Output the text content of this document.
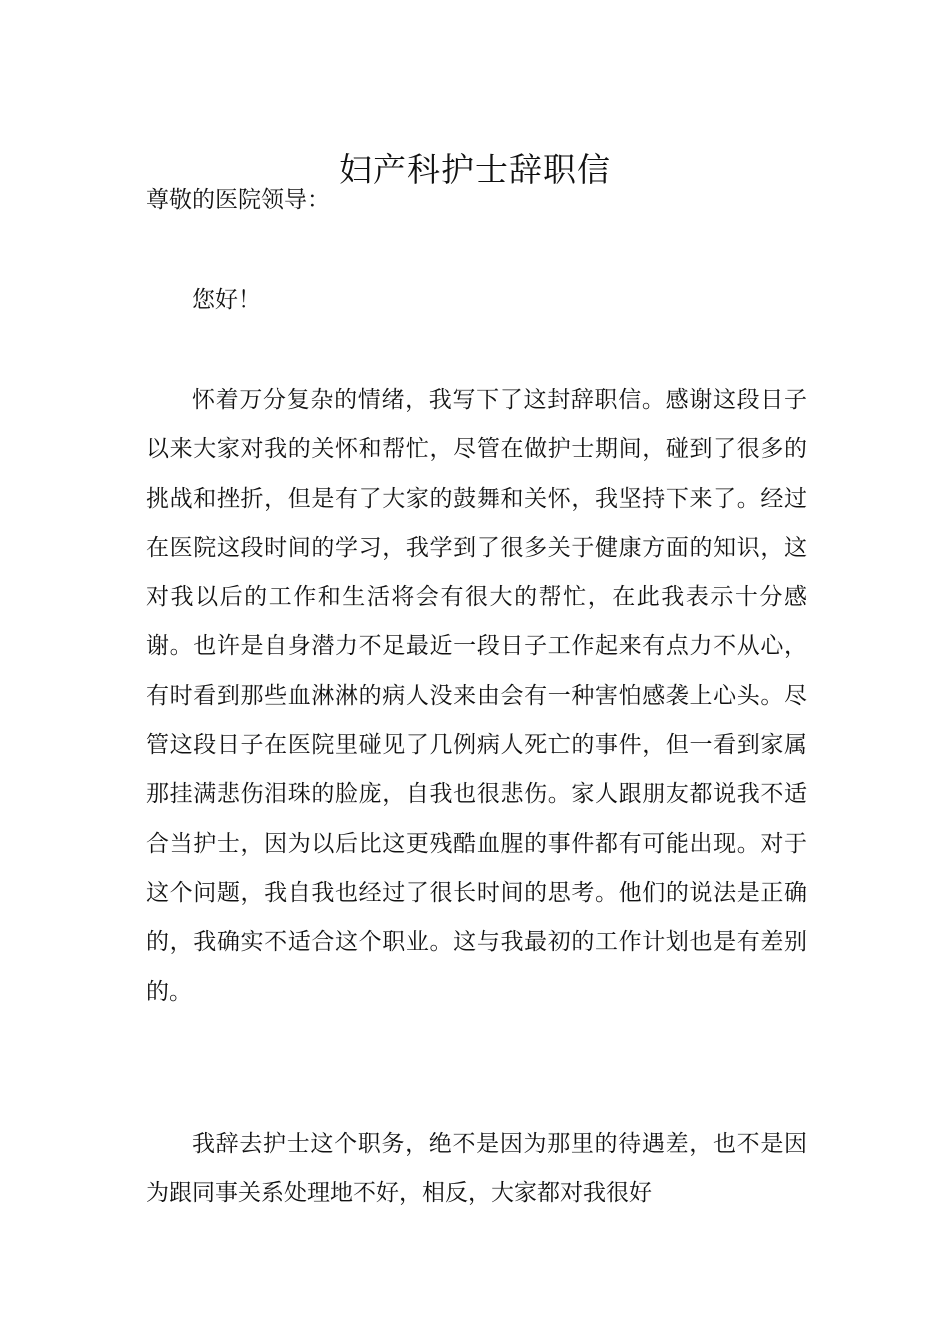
妇产科护士辞职信
尊敬的医院领导：

您好！

怀着万分复杂的情绪，我写下了这封辞职信。感谢这段日子以来大家对我的关怀和帮忙，尽管在做护士期间，碰到了很多的挑战和挫折，但是有了大家的鼓舞和关怀，我坚持下来了。经过在医院这段时间的学习，我学到了很多关于健康方面的知识，这对我以后的工作和生活将会有很大的帮忙，在此我表示十分感谢。也许是自身潜力不足最近一段日子工作起来有点力不从心，有时看到那些血淋淋的病人没来由会有一种害怕感袭上心头。尽管这段日子在医院里碰见了几例病人死亡的事件，但一看到家属那挂满悲伤泪珠的脸庞，自我也很悲伤。家人跟朋友都说我不适合当护士，因为以后比这更残酷血腥的事件都有可能出现。对于这个问题，我自我也经过了很长时间的思考。他们的说法是正确的，我确实不适合这个职业。这与我最初的工作计划也是有差别的。

我辞去护士这个职务，绝不是因为那里的待遇差，也不是因为跟同事关系处理地不好，相反，大家都对我很好
